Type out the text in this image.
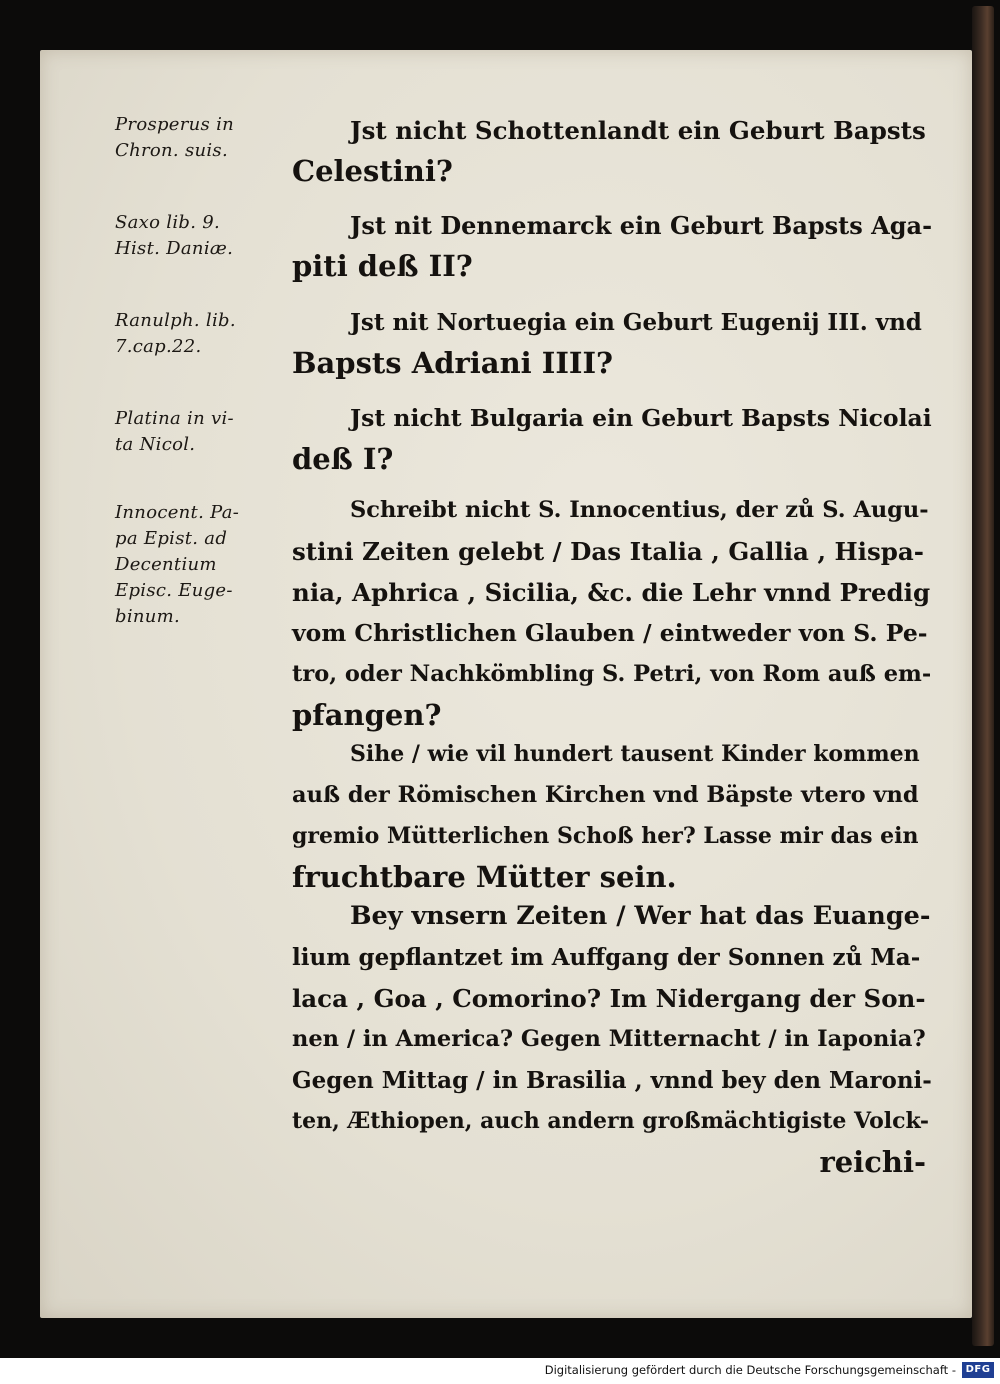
Prosperus in
Chron. suis.
Saxo lib. 9.
Hist. Daniæ.
Ranulph. lib.
7.cap.22.
Platina in vi-
ta Nicol.
Innocent. Pa-
pa Epist. ad
Decentium
Episc. Euge-
binum.
Jst nicht Schottenlandt ein Geburt Bapsts
Celestini?
Jst nit Dennemarck ein Geburt Bapsts Aga-
piti deß II?
Jst nit Nortuegia ein Geburt Eugenij III. vnd
Bapsts Adriani IIII?
Jst nicht Bulgaria ein Geburt Bapsts Nicolai
deß I?
Schreibt nicht S. Innocentius, der zů S. Augu-
stini Zeiten gelebt / Das Italia , Gallia , Hispa-
nia, Aphrica , Sicilia, &c. die Lehr vnnd Predig
vom Christlichen Glauben / eintweder von S. Pe-
tro, oder Nachkömbling S. Petri, von Rom auß em-
pfangen?
Sihe / wie vil hundert tausent Kinder kommen
auß der Römischen Kirchen vnd Bäpste vtero vnd
gremio Mütterlichen Schoß her? Lasse mir das ein
fruchtbare Mütter sein.
Bey vnsern Zeiten / Wer hat das Euange-
lium gepflantzet im Auffgang der Sonnen zů Ma-
laca , Goa , Comorino? Im Nidergang der Son-
nen / in America? Gegen Mitternacht / in Iaponia?
Gegen Mittag / in Brasilia , vnnd bey den Maroni-
ten, Æthiopen, auch andern großmächtigiste Volck-
reichi-
Digitalisierung gefördert durch die Deutsche Forschungsgemeinschaft - DFG
